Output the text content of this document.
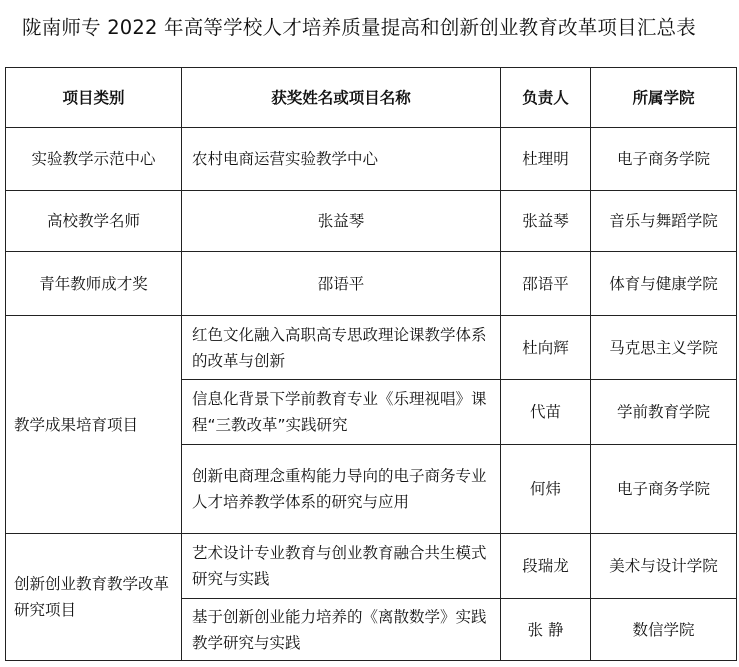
陇南师专 2022 年高等学校人才培养质量提高和创新创业教育改革项目汇总表
项目类别	获奖姓名或项目名称	负责人	所属学院
实验教学示范中心	农村电商运营实验教学中心	杜理明	电子商务学院
高校教学名师	张益琴	张益琴	音乐与舞蹈学院
青年教师成才奖	邵语平	邵语平	体育与健康学院
教学成果培育项目	红色文化融入高职高专思政理论课教学体系的改革与创新	杜向辉	马克思主义学院
	信息化背景下学前教育专业《乐理视唱》课程“三教改革”实践研究	代苗	学前教育学院
	创新电商理念重构能力导向的电子商务专业人才培养教学体系的研究与应用	何炜	电子商务学院
创新创业教育教学改革研究项目	艺术设计专业教育与创业教育融合共生模式研究与实践	段瑞龙	美术与设计学院
	基于创新创业能力培养的《离散数学》实践教学研究与实践	张 静	数信学院
